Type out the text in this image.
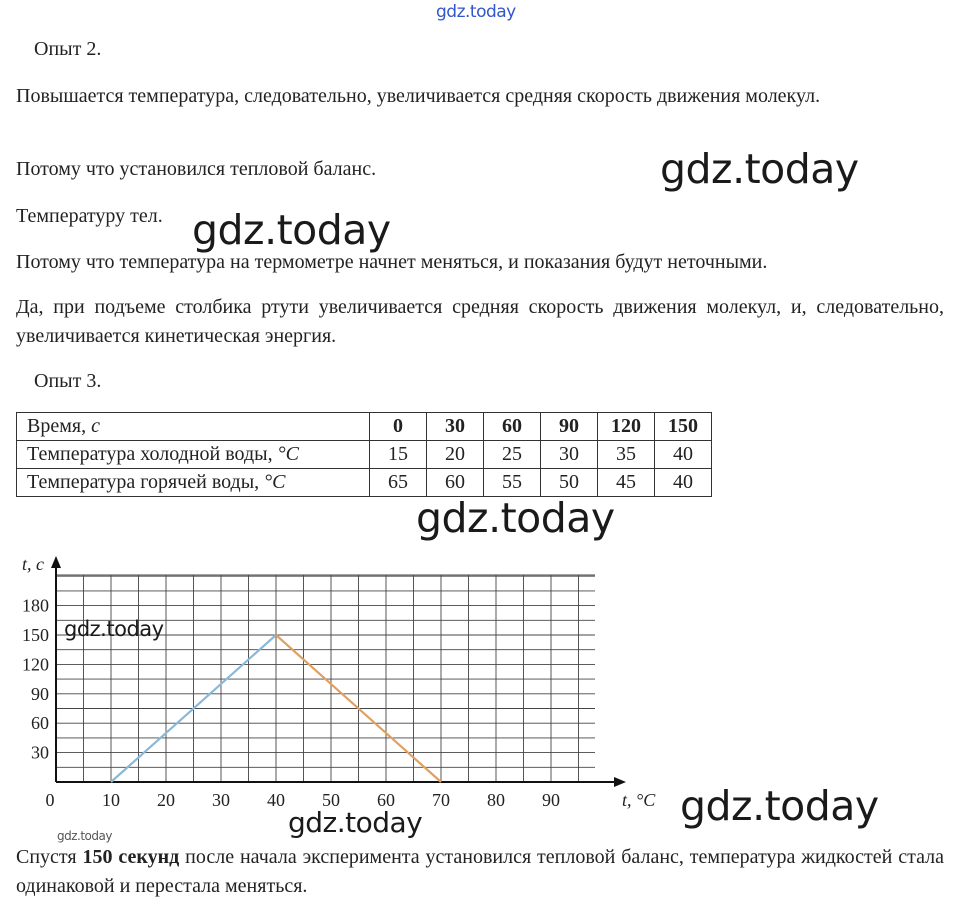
gdz.today
Опыт 2.
Повышается температура, следовательно, увеличивается средняя скорость движения молекул.
Потому что установился тепловой баланс.
Температуру тел.
Потому что температура на термометре начнет меняться, и показания будут неточными.
Да, при подъеме столбика ртути увеличивается средняя скорость движения молекул, и, следовательно, увеличивается кинетическая энергия.
gdz.today
gdz.today
Опыт 3.
Время, с	0	30	60	90	120	150
Температура холодной воды, °C	15	20	25	30	35	40
Температура горячей воды, °C	65	60	55	50	45	40
gdz.today
0	10 20 30 40 50 60 70 80 90
30
60
90
120
150
180
t, с
t, °C
gdz.today
gdz.today
gdz.today	gdz.today
Спустя 150 секунд после начала эксперимента установился тепловой баланс, температура жидкостей стала одинаковой и перестала меняться.
